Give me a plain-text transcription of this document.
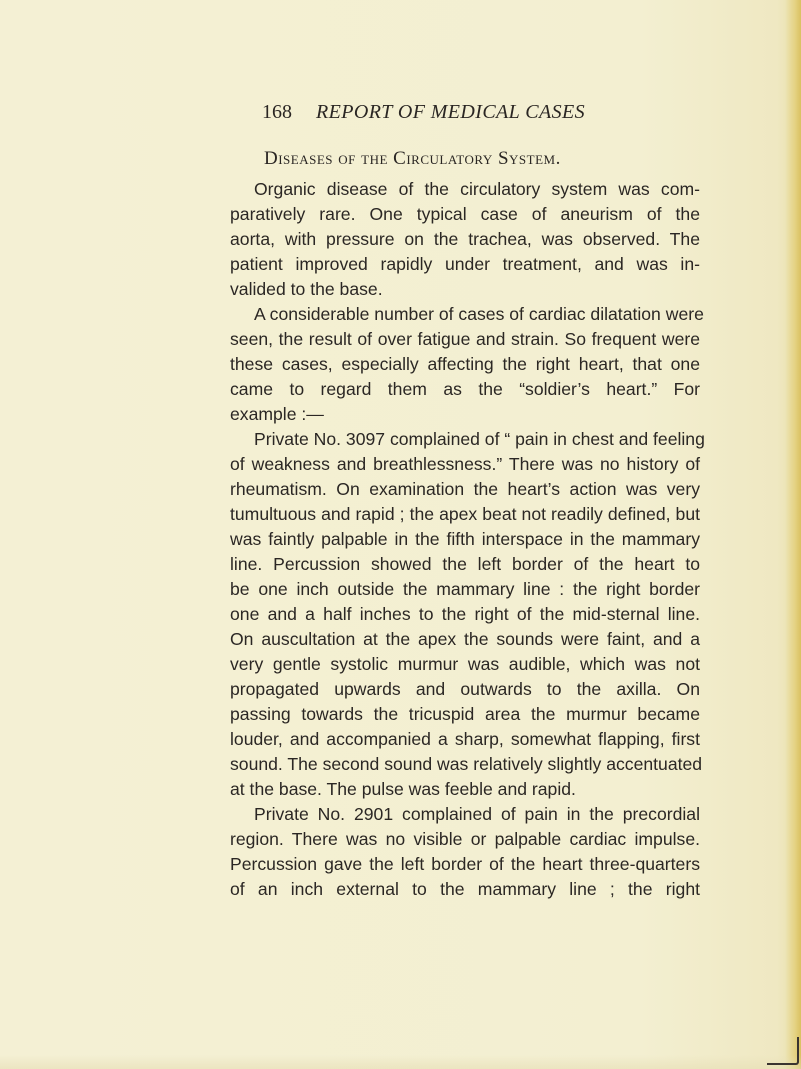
168 REPORT OF MEDICAL CASES
Diseases of the Circulatory System.
Organic disease of the circulatory system was com-
paratively rare. One typical case of aneurism of the
aorta, with pressure on the trachea, was observed. The
patient improved rapidly under treatment, and was in-
valided to the base.
A considerable number of cases of cardiac dilatation were
seen, the result of over fatigue and strain. So frequent were
these cases, especially affecting the right heart, that one
came to regard them as the “soldier’s heart.” For
example :—
Private No. 3097 complained of “ pain in chest and feeling
of weakness and breathlessness.” There was no history of
rheumatism. On examination the heart’s action was very
tumultuous and rapid ; the apex beat not readily defined, but
was faintly palpable in the fifth interspace in the mammary
line. Percussion showed the left border of the heart to
be one inch outside the mammary line : the right border
one and a half inches to the right of the mid-sternal line.
On auscultation at the apex the sounds were faint, and a
very gentle systolic murmur was audible, which was not
propagated upwards and outwards to the axilla. On
passing towards the tricuspid area the murmur became
louder, and accompanied a sharp, somewhat flapping, first
sound. The second sound was relatively slightly accentuated
at the base. The pulse was feeble and rapid.
Private No. 2901 complained of pain in the precordial
region. There was no visible or palpable cardiac impulse.
Percussion gave the left border of the heart three-quarters
of an inch external to the mammary line ; the right
